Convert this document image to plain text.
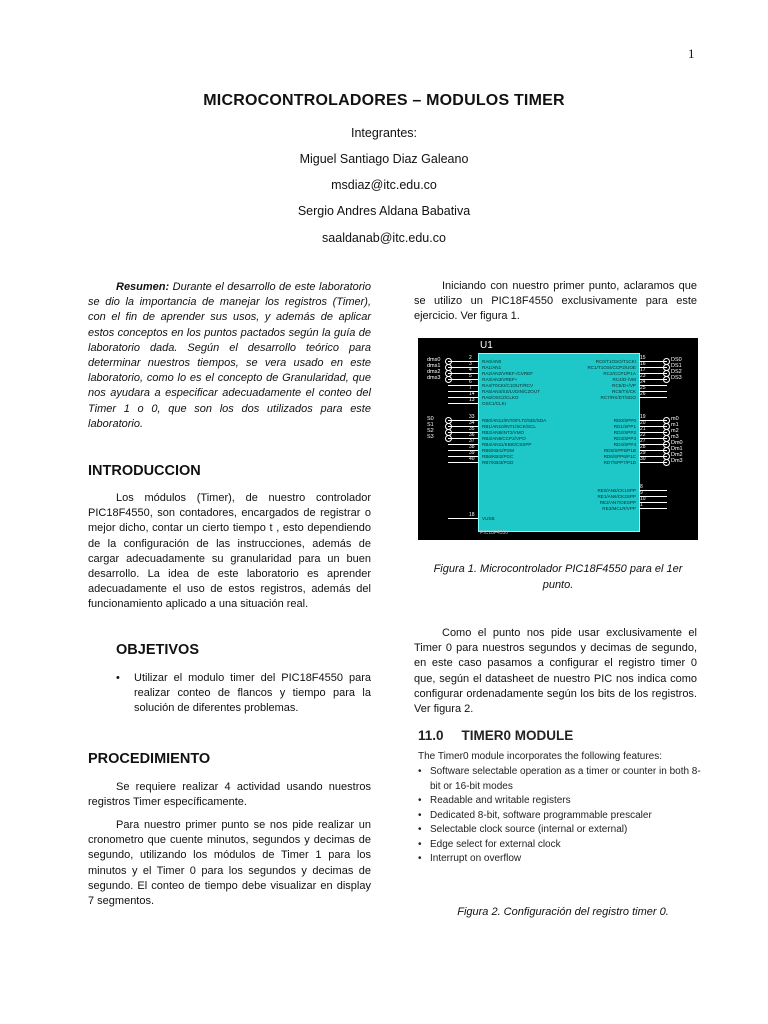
1
MICROCONTROLADORES – MODULOS TIMER
Integrantes:
Miguel Santiago Diaz Galeano
msdiaz@itc.edu.co
Sergio Andres Aldana Babativa
saaldanab@itc.edu.co

Resumen: Durante el desarrollo de este laboratorio se dio la importancia de manejar los registros (Timer), con el fin de aprender sus usos, y además de aplicar estos conceptos en los puntos pactados según la guía de laboratorio dada. Según el desarrollo teórico para determinar nuestros tiempos, se vera usado en este laboratorio, como lo es el concepto de Granularidad, que nos ayudara a especificar adecuadamente el conteo del Timer 1 o 0, que son los dos utilizados para este laboratorio.

INTRODUCCION

Los módulos (Timer), de nuestro controlador PIC18F4550, son contadores, encargados de registrar o mejor dicho, contar un cierto tiempo t , esto dependiendo de la configuración de las instrucciones, además de cargar adecuadamente su granularidad para un buen desarrollo. La idea de este laboratorio es aprender adecuadamente el uso de estos registros, además del funcionamiento aplicado a una situación real.

OBJETIVOS
• Utilizar el modulo timer del PIC18F4550 para realizar conteo de flancos y tiempo para la solución de diferentes problemas.
PROCEDIMIENTO

Se requiere realizar 4 actividad usando nuestros registros Timer específicamente.

Para nuestro primer punto se nos pide realizar un cronometro que cuente minutos, segundos y decimas de segundo, utilizando los módulos de Timer 1 para los minutos y el Timer 0 para los segundos y decimas de segundo. El conteo de tiempo debe visualizar en display 7 segmentos.

Iniciando con nuestro primer punto, aclaramos que se utilizo un PIC18F4550 exclusivamente para este ejercicio. Ver figura 1.

U1
RA0/AN0
RA1/AN1
RA2/AN2/VREF-/CVREF
RA3/AN3/VREF+
RA4/T0CKI/C1OUT/RCV
RA5/AN4/SS/LVDIN/C2OUT
RA6/OSC2/CLKO
OSC1/CLKI
RB0/AN12/INT0/FLT0/SDI/SDA
RB1/AN10/INT1/SCK/SCL
RB2/AN8/INT2/VMO
RB3/AN9/CCP2/VPO
RB4/AN11/KBI0/CSSPP
RB5/KBI1/PGM
RB6/KBI2/PGC
RB7/KBI3/PGD
VUSB
RC0/T1OSO/T1CKI
RC1/T1OSI/CCP2/UOE
RC2/CCP1/P1A
RC4/D-/VM
RC5/D+/VP
RC6/TX/CK
RC7/RX/DT/SDO
RD0/SPP0
RD1/SPP1
RD2/SPP2
RD3/SPP3
RD4/SPP4
RD5/SPP5/P1B
RD6/SPP6/P1C
RD7/SPP7/P1D
RE0/AN5/CK1SPP
RE1/AN6/CK2SPP
RE2/AN7/OESPP
RE3/MCLR/VPP
PIC18F4550
2
3
4
5
6
7
14
13
33
34
35
36
37
38
39
40
18
15
16
17
23
24
25
26
19
20
21
22
27
28
29
30
8
9
10
1
dms0
dms1
dms2
dms3
S0
S1
S2
S3
DS0
DS1
DS2
DS3
m0
m1
m2
m3
Dm0
Dm1
Dm2
Dm3
Figura 1. Microcontrolador PIC18F4550 para el 1er punto.

Como el punto nos pide usar exclusivamente el Timer 0 para nuestros segundos y decimas de segundo, en este caso pasamos a configurar el registro timer 0 que, según el datasheet de nuestro PIC nos indica como configurar ordenadamente según los bits de los registros. Ver figura 2.

11.0 TIMER0 MODULE
The Timer0 module incorporates the following features:
• Software selectable operation as a timer or counter in both 8-bit or 16-bit modes
• Readable and writable registers
• Dedicated 8-bit, software programmable prescaler
• Selectable clock source (internal or external)
• Edge select for external clock
• Interrupt on overflow
Figura 2. Configuración del registro timer 0.
